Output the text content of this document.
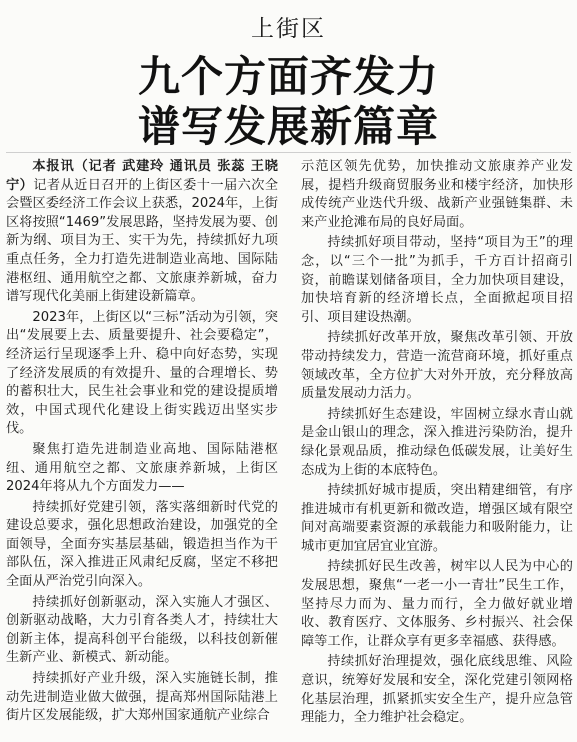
上街区
九个方面齐发力
谱写发展新篇章

本报讯（记者 武建玲 通讯员 张蕊 王晓宁）记者从近日召开的上街区委十一届六次全会暨区委经济工作会议上获悉，2024年，上街区将按照“1469”发展思路，坚持发展为要、创新为纲、项目为王、实干为先，持续抓好九项重点任务，全力打造先进制造业高地、国际陆港枢纽、通用航空之都、文旅康养新城，奋力谱写现代化美丽上街建设新篇章。

2023年，上街区以“三标”活动为引领，突出“发展要上去、质量要提升、社会要稳定”，经济运行呈现逐季上升、稳中向好态势，实现了经济发展质的有效提升、量的合理增长、势的蓄积壮大，民生社会事业和党的建设提质增效，中国式现代化建设上街实践迈出坚实步伐。

聚焦打造先进制造业高地、国际陆港枢纽、通用航空之都、文旅康养新城，上街区2024年将从九个方面发力——

持续抓好党建引领，落实落细新时代党的建设总要求，强化思想政治建设，加强党的全面领导，全面夯实基层基础，锻造担当作为干部队伍，深入推进正风肃纪反腐，坚定不移把全面从严治党引向深入。

持续抓好创新驱动，深入实施人才强区、创新驱动战略，大力引育各类人才，持续壮大创新主体，提高科创平台能级，以科技创新催生新产业、新模式、新动能。

持续抓好产业升级，深入实施链长制，推动先进制造业做大做强，提高郑州国际陆港上街片区发展能级，扩大郑州国家通航产业综合

示范区领先优势，加快推动文旅康养产业发展，提档升级商贸服务业和楼宇经济，加快形成传统产业迭代升级、战新产业强链集群、未来产业抢滩布局的良好局面。

持续抓好项目带动，坚持“项目为王”的理念，以“三个一批”为抓手，千方百计招商引资，前瞻谋划储备项目，全力加快项目建设，加快培育新的经济增长点，全面掀起项目招引、项目建设热潮。

持续抓好改革开放，聚焦改革引领、开放带动持续发力，营造一流营商环境，抓好重点领域改革，全方位扩大对外开放，充分释放高质量发展动力活力。

持续抓好生态建设，牢固树立绿水青山就是金山银山的理念，深入推进污染防治，提升绿化景观品质，推动绿色低碳发展，让美好生态成为上街的本底特色。

持续抓好城市提质，突出精建细管，有序推进城市有机更新和微改造，增强区域有限空间对高端要素资源的承载能力和吸附能力，让城市更加宜居宜业宜游。

持续抓好民生改善，树牢以人民为中心的发展思想，聚焦“一老一小一青壮”民生工作，坚持尽力而为、量力而行，全力做好就业增收、教育医疗、文体服务、乡村振兴、社会保障等工作，让群众享有更多幸福感、获得感。

持续抓好治理提效，强化底线思维、风险意识，统筹好发展和安全，深化党建引领网格化基层治理，抓紧抓实安全生产，提升应急管理能力，全力维护社会稳定。
